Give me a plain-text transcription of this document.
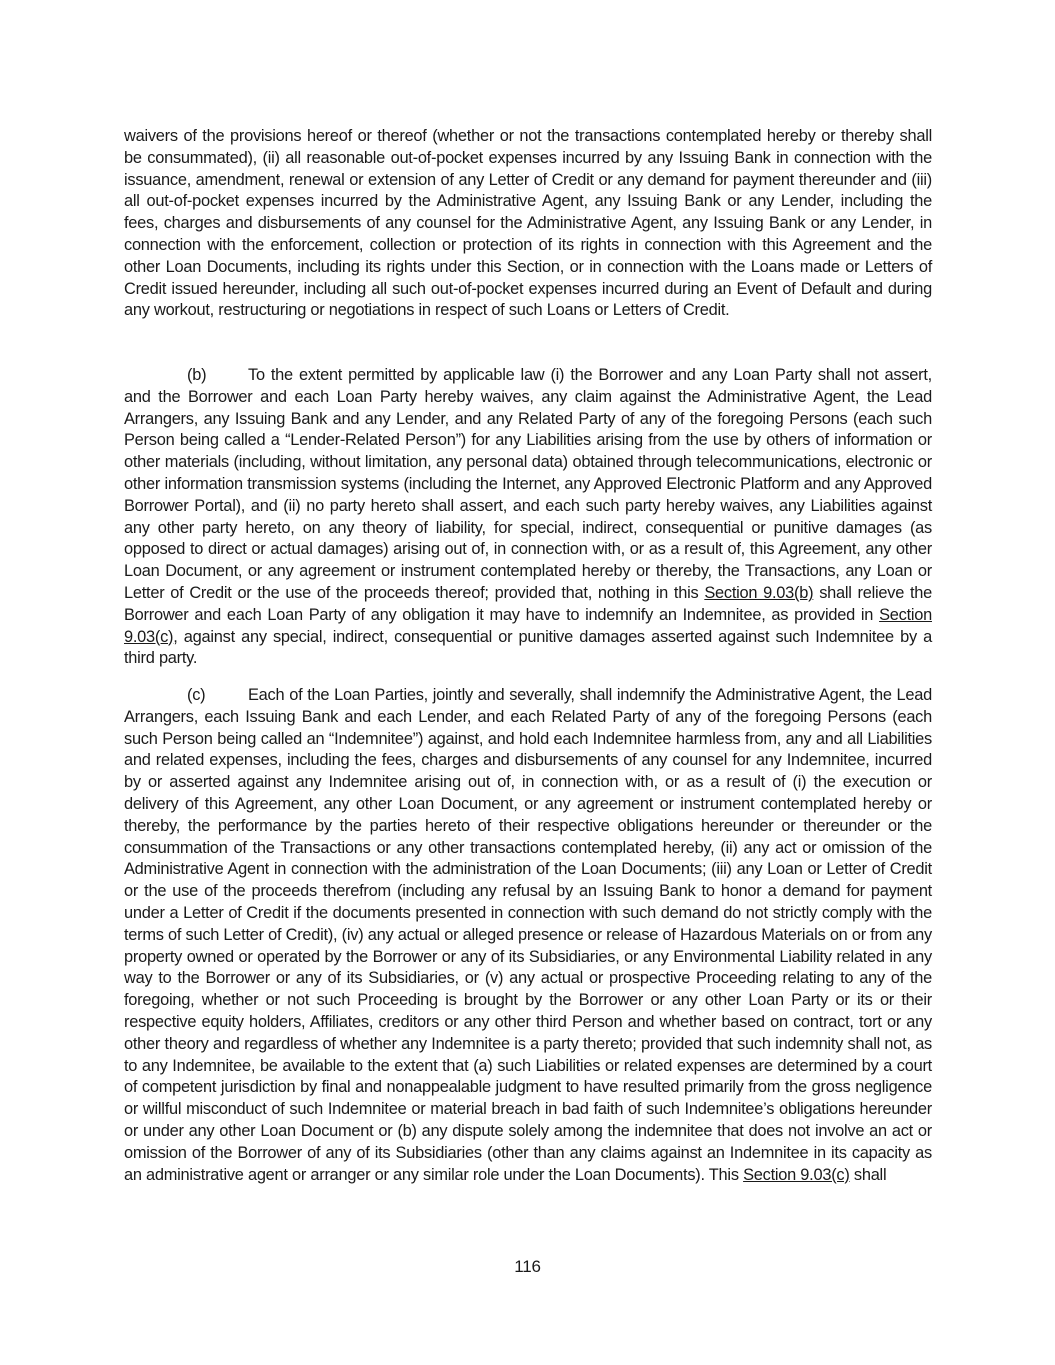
waivers of the provisions hereof or thereof (whether or not the transactions contemplated hereby or thereby shall be consummated), (ii) all reasonable out-of-pocket expenses incurred by any Issuing Bank in connection with the issuance, amendment, renewal or extension of any Letter of Credit or any demand for payment thereunder and (iii) all out-of-pocket expenses incurred by the Administrative Agent, any Issuing Bank or any Lender, including the fees, charges and disbursements of any counsel for the Administrative Agent, any Issuing Bank or any Lender, in connection with the enforcement, collection or protection of its rights in connection with this Agreement and the other Loan Documents, including its rights under this Section, or in connection with the Loans made or Letters of Credit issued hereunder, including all such out-of-pocket expenses incurred during an Event of Default and during any workout, restructuring or negotiations in respect of such Loans or Letters of Credit.

(b)	To the extent permitted by applicable law (i) the Borrower and any Loan Party shall not assert, and the Borrower and each Loan Party hereby waives, any claim against the Administrative Agent, the Lead Arrangers, any Issuing Bank and any Lender, and any Related Party of any of the foregoing Persons (each such Person being called a “Lender-Related Person”) for any Liabilities arising from the use by others of information or other materials (including, without limitation, any personal data) obtained through telecommunications, electronic or other information transmission systems (including the Internet, any Approved Electronic Platform and any Approved Borrower Portal), and (ii) no party hereto shall assert, and each such party hereby waives, any Liabilities against any other party hereto, on any theory of liability, for special, indirect, consequential or punitive damages (as opposed to direct or actual damages) arising out of, in connection with, or as a result of, this Agreement, any other Loan Document, or any agreement or instrument contemplated hereby or thereby, the Transactions, any Loan or Letter of Credit or the use of the proceeds thereof; provided that, nothing in this Section 9.03(b) shall relieve the Borrower and each Loan Party of any obligation it may have to indemnify an Indemnitee, as provided in Section 9.03(c), against any special, indirect, consequential or punitive damages asserted against such Indemnitee by a third party.

(c)	Each of the Loan Parties, jointly and severally, shall indemnify the Administrative Agent, the Lead Arrangers, each Issuing Bank and each Lender, and each Related Party of any of the foregoing Persons (each such Person being called an “Indemnitee”) against, and hold each Indemnitee harmless from, any and all Liabilities and related expenses, including the fees, charges and disbursements of any counsel for any Indemnitee, incurred by or asserted against any Indemnitee arising out of, in connection with, or as a result of (i) the execution or delivery of this Agreement, any other Loan Document, or any agreement or instrument contemplated hereby or thereby, the performance by the parties hereto of their respective obligations hereunder or thereunder or the consummation of the Transactions or any other transactions contemplated hereby, (ii) any act or omission of the Administrative Agent in connection with the administration of the Loan Documents; (iii) any Loan or Letter of Credit or the use of the proceeds therefrom (including any refusal by an Issuing Bank to honor a demand for payment under a Letter of Credit if the documents presented in connection with such demand do not strictly comply with the terms of such Letter of Credit), (iv) any actual or alleged presence or release of Hazardous Materials on or from any property owned or operated by the Borrower or any of its Subsidiaries, or any Environmental Liability related in any way to the Borrower or any of its Subsidiaries, or (v) any actual or prospective Proceeding relating to any of the foregoing, whether or not such Proceeding is brought by the Borrower or any other Loan Party or its or their respective equity holders, Affiliates, creditors or any other third Person and whether based on contract, tort or any other theory and regardless of whether any Indemnitee is a party thereto; provided that such indemnity shall not, as to any Indemnitee, be available to the extent that (a) such Liabilities or related expenses are determined by a court of competent jurisdiction by final and nonappealable judgment to have resulted primarily from the gross negligence or willful misconduct of such Indemnitee or material breach in bad faith of such Indemnitee’s obligations hereunder or under any other Loan Document or (b) any dispute solely among the indemnitee that does not involve an act or omission of the Borrower of any of its Subsidiaries (other than any claims against an Indemnitee in its capacity as an administrative agent or arranger or any similar role under the Loan Documents). This Section 9.03(c) shall

116
